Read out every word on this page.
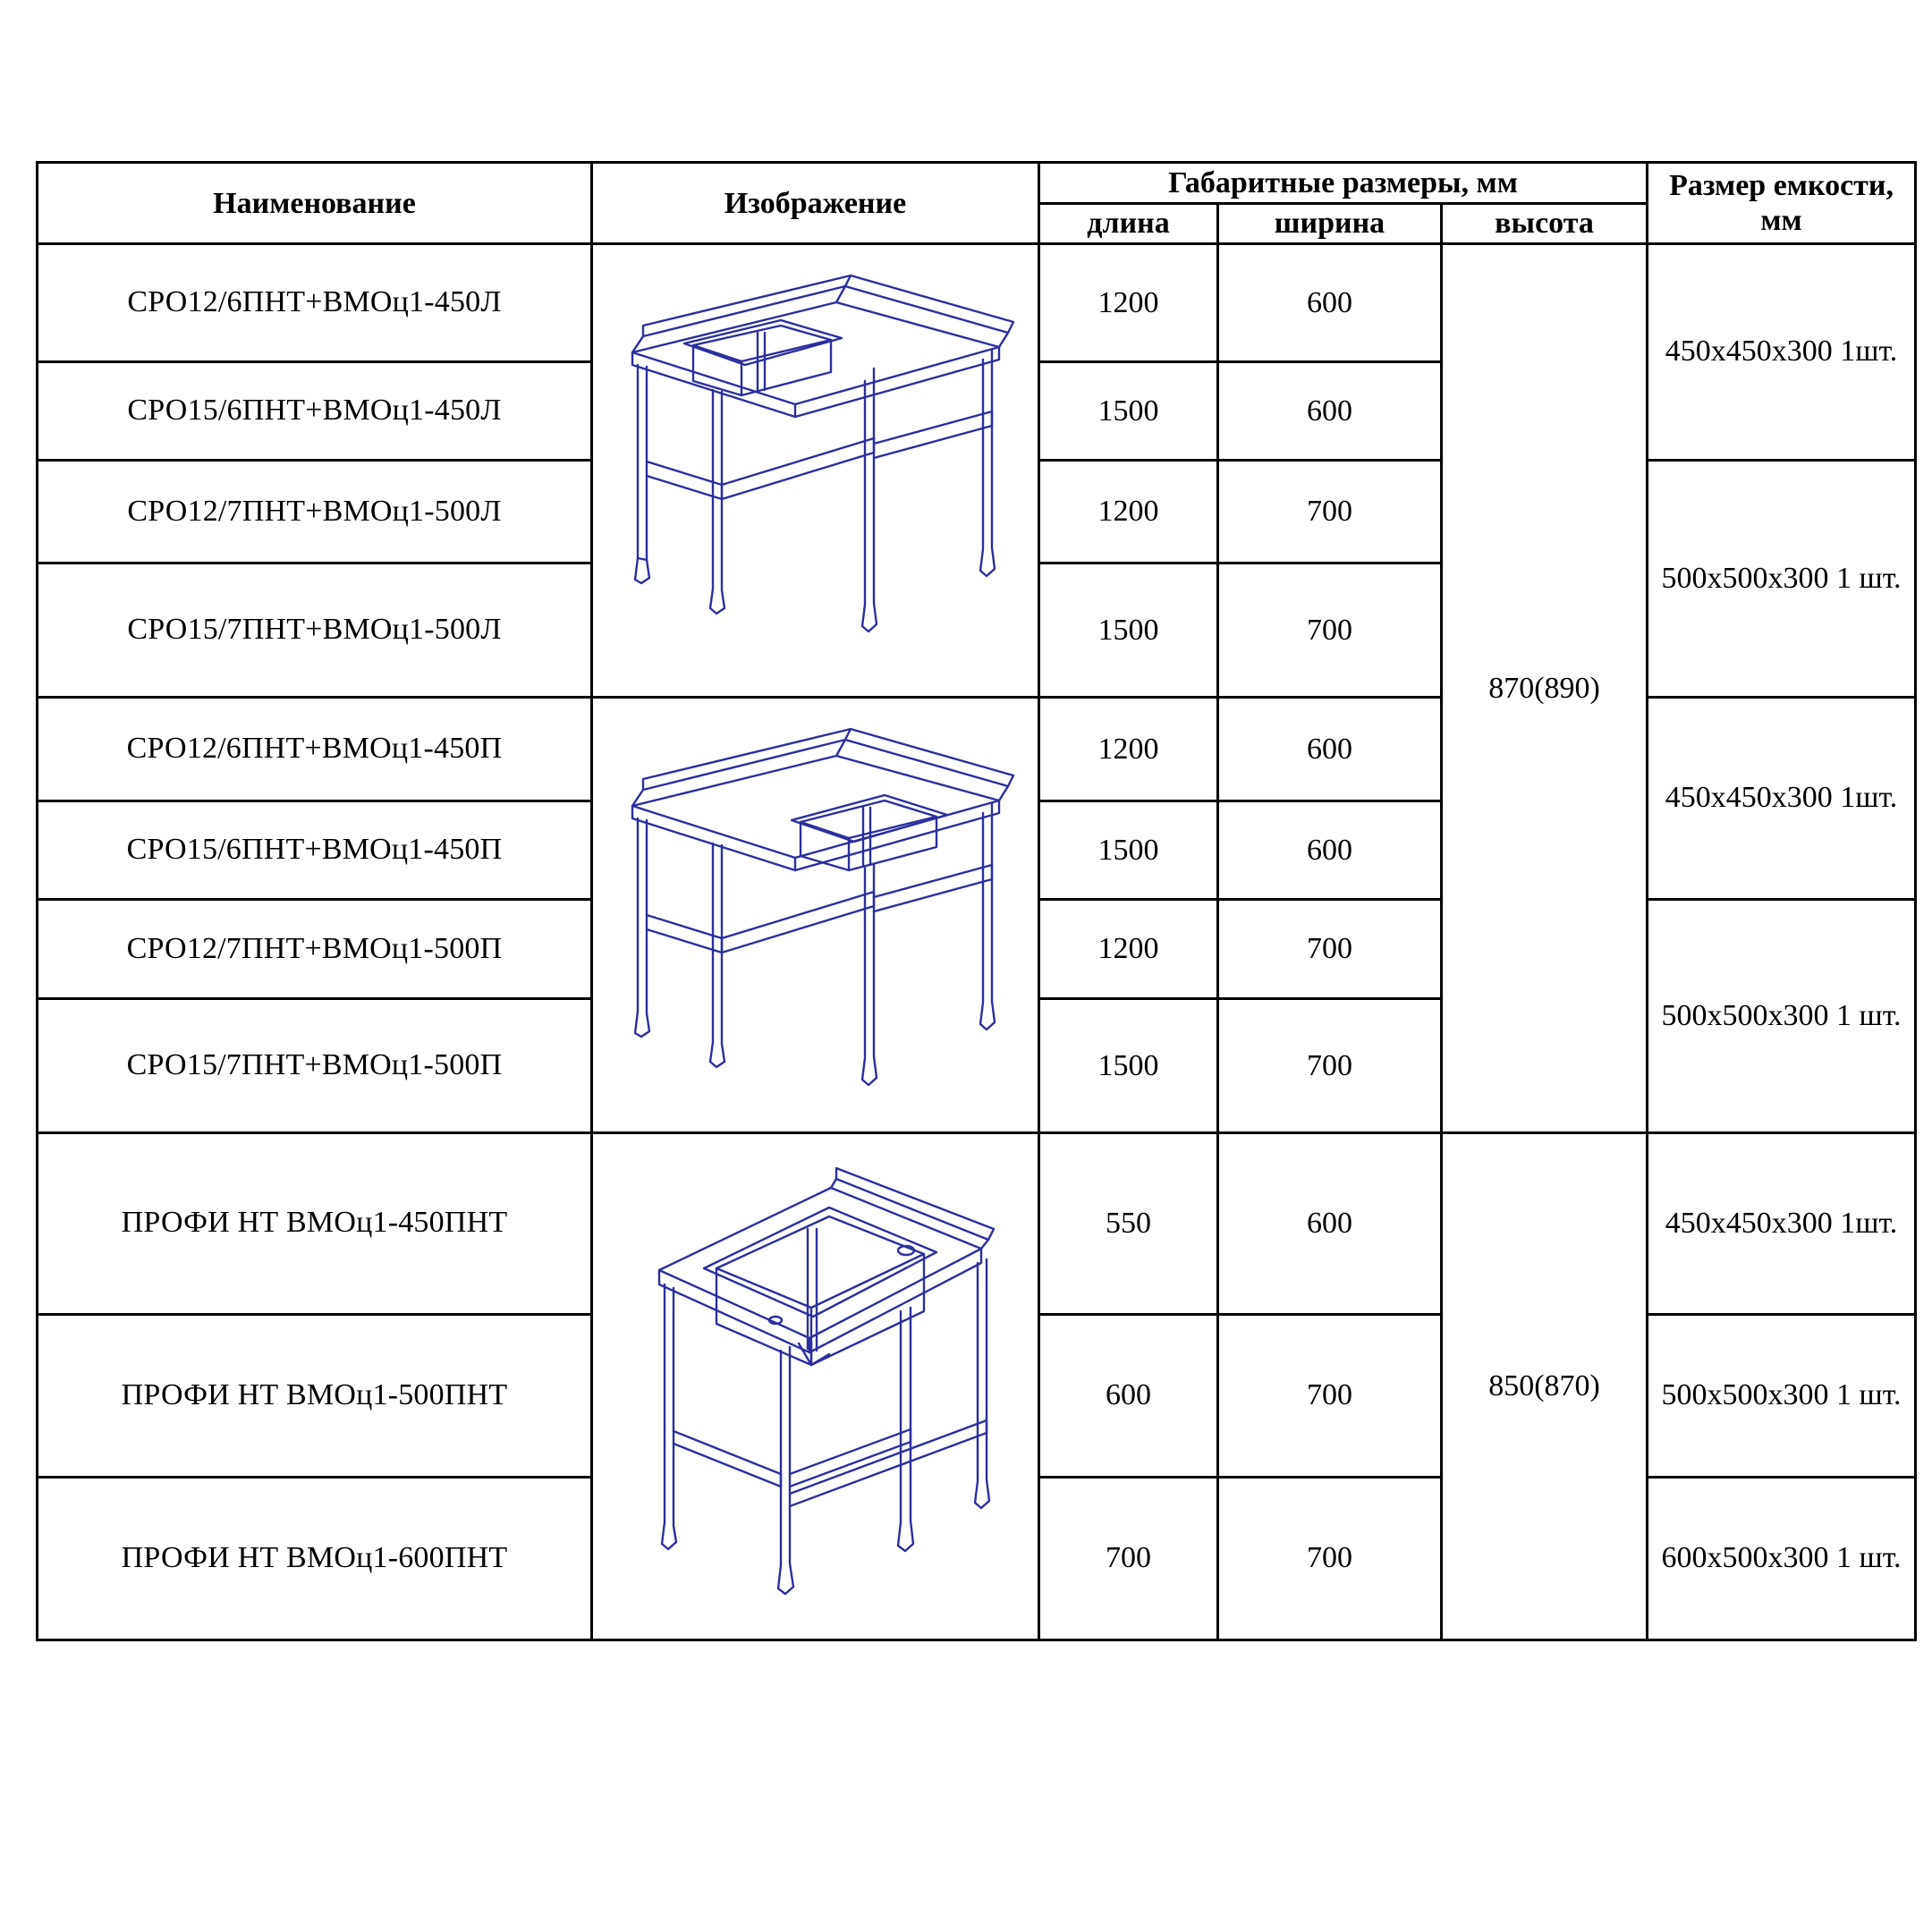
Наименование	Изображение	Габаритные размеры, мм			Размер емкости, мм
		длина	ширина	высота	
СРО12/6ПНТ+ВМОц1-450Л		1200	600	870(890)	450x450x300 1шт.
СРО15/6ПНТ+ВМОц1-450Л		1500	600		
СРО12/7ПНТ+ВМОц1-500Л		1200	700		500x500x300 1 шт.
СРО15/7ПНТ+ВМОц1-500Л		1500	700		
СРО12/6ПНТ+ВМОц1-450П		1200	600		450x450x300 1шт.
СРО15/6ПНТ+ВМОц1-450П		1500	600		
СРО12/7ПНТ+ВМОц1-500П		1200	700		500x500x300 1 шт.
СРО15/7ПНТ+ВМОц1-500П		1500	700		
ПРОФИ НТ ВМОц1-450ПНТ		550	600	850(870)	450x450x300 1шт.
ПРОФИ НТ ВМОц1-500ПНТ		600	700		500x500x300 1 шт.
ПРОФИ НТ ВМОц1-600ПНТ		700	700		600x500x300 1 шт.
